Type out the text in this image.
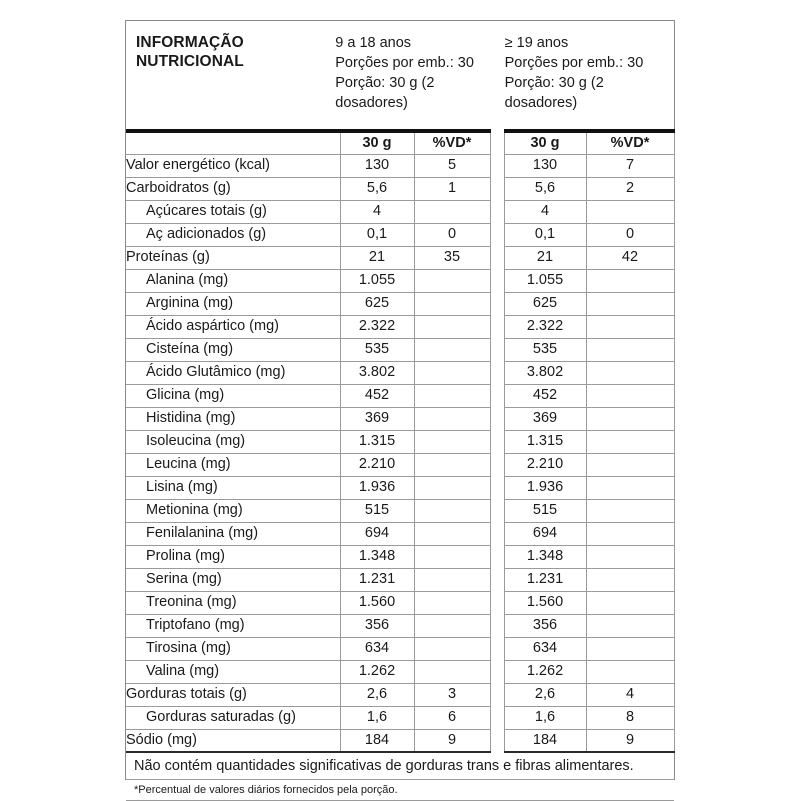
INFORMAÇÃO
NUTRICIONAL
9 a 18 anos
Porções por emb.: 30
Porção: 30 g (2
dosadores)
≥ 19 anos
Porções por emb.: 30
Porção: 30 g (2
dosadores)

	30 g	%VD*		30 g	%VD*
Valor energético (kcal)	130	5		130	7
Carboidratos (g)	5,6	1		5,6	2
Açúcares totais (g)	4			4	
Aç adicionados (g)	0,1	0		0,1	0
Proteínas (g)	21	35		21	42
Alanina (mg)	1.055			1.055	
Arginina (mg)	625			625	
Ácido aspártico (mg)	2.322			2.322	
Cisteína (mg)	535			535	
Ácido Glutâmico (mg)	3.802			3.802	
Glicina (mg)	452			452	
Histidina (mg)	369			369	
Isoleucina (mg)	1.315			1.315	
Leucina (mg)	2.210			2.210	
Lisina (mg)	1.936			1.936	
Metionina (mg)	515			515	
Fenilalanina (mg)	694			694	
Prolina (mg)	1.348			1.348	
Serina (mg)	1.231			1.231	
Treonina (mg)	1.560			1.560	
Triptofano (mg)	356			356	
Tirosina (mg)	634			634	
Valina (mg)	1.262			1.262	
Gorduras totais (g)	2,6	3		2,6	4
Gorduras saturadas (g)	1,6	6		1,6	8
Sódio (mg)	184	9		184	9
Não contém quantidades significativas de gorduras trans e fibras alimentares.
*Percentual de valores diários fornecidos pela porção.
